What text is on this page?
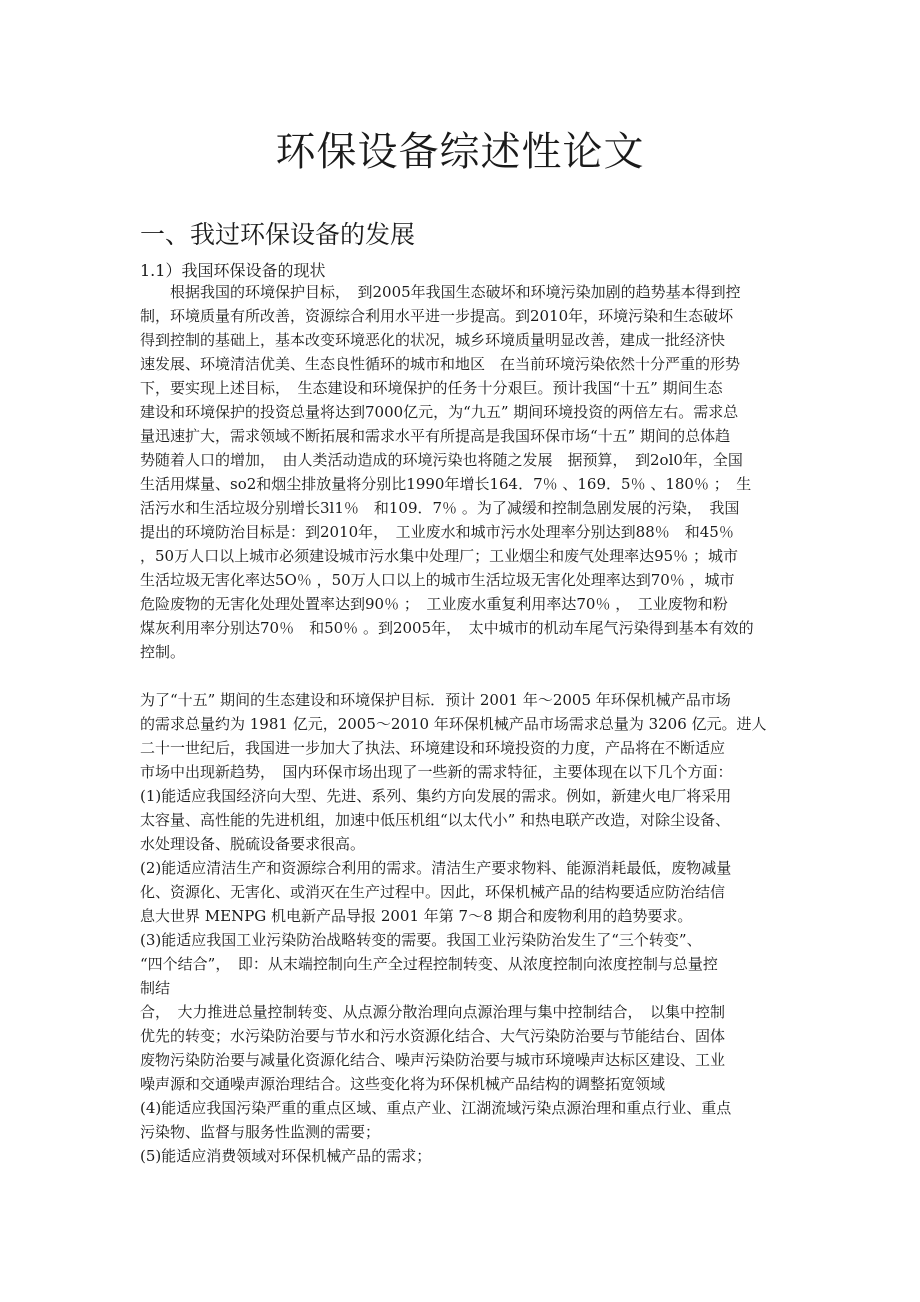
环保设备综述性论文
一、我过环保设备的发展
1.1）我国环保设备的现状

　　根据我国的环境保护目标，　到2005年我国生态破坏和环境污染加剧的趋势基本得到控

制，环境质量有所改善，资源综合利用水平进一步提高。到2010年，环境污染和生态破坏

得到控制的基础上，基本改变环境恶化的状况，城乡环境质量明显改善，建成一批经济快

速发展、环境清洁优美、生态良性循环的城市和地区　在当前环境污染依然十分严重的形势

下，要实现上述目标，　生态建设和环境保护的任务十分艰巨。预计我国“十五” 期间生态

建设和环境保护的投资总量将达到7000亿元，为“九五” 期间环境投资的两倍左右。需求总

量迅速扩大，需求领域不断拓展和需求水平有所提高是我国环保市场“十五” 期间的总体趋

势随着人口的增加，　由人类活动造成的环境污染也将随之发展　据预算，　到2ol0年，全国

生活用煤量、so2和烟尘排放量将分别比1990年增长164．7％ 、169．5％ 、180％ ；　生

活污水和生活垃圾分别增长3l1％　和109．7％ 。为了减缓和控制急剧发展的污染，　我国

提出的环境防治目标是：到2010年，　工业废水和城市污水处理率分别达到88％　和45％

，50万人口以上城市必须建设城市污水集中处理厂；工业烟尘和废气处理率达95％ ；城市

生活垃圾无害化率达5O％ ，50万人口以上的城市生活垃圾无害化处理率达到70％ ，城市

危险废物的无害化处理处置率达到90％ ；　工业废水重复利用率达70％ ，　工业废物和粉

煤灰利用率分别达70％　和50％ 。到2005年，　太中城市的机动车尾气污染得到基本有效的

控制。

为了“十五” 期间的生态建设和环境保护目标．预计 2001 年～2005 年环保机械产品市场

的需求总量约为 1981 亿元，2005～2010 年环保机械产品市场需求总量为 3206 亿元。进人

二十一世纪后，我国进一步加大了执法、环境建设和环境投资的力度，产品将在不断适应

市场中出现新趋势，　国内环保市场出现了一些新的需求特征，主要体现在以下几个方面：

(1)能适应我国经济向大型、先进、系列、集约方向发展的需求。例如，新建火电厂将采用

太容量、高性能的先进机组，加速中低压机组“以太代小” 和热电联产改造，对除尘设备、

水处理设备、脱硫设备要求很高。

(2)能适应清洁生产和资源综合利用的需求。清洁生产要求物料、能源消耗最低，废物减量

化、资源化、无害化、或消灭在生产过程中。因此，环保机械产品的结构要适应防治结信

息大世界 MENPG 机电新产品导报 2001 年第 7～8 期合和废物利用的趋势要求。

(3)能适应我国工业污染防治战略转变的需要。我国工业污染防治发生了“三个转变”、

“四个结合”，　即：从末端控制向生产全过程控制转变、从浓度控制向浓度控制与总量控

制结

合，　大力推进总量控制转变、从点源分散治理向点源治理与集中控制结合，　以集中控制

优先的转变；水污染防治要与节水和污水资源化结合、大气污染防治要与节能结台、固体

废物污染防治要与减量化资源化结合、噪声污染防治要与城市环境噪声达标区建设、工业

噪声源和交通噪声源治理结合。这些变化将为环保机械产品结构的调整拓宽领域

(4)能适应我国污染严重的重点区域、重点产业、江湖流域污染点源治理和重点行业、重点

污染物、监督与服务性监测的需要；

(5)能适应消费领域对环保机械产品的需求；
